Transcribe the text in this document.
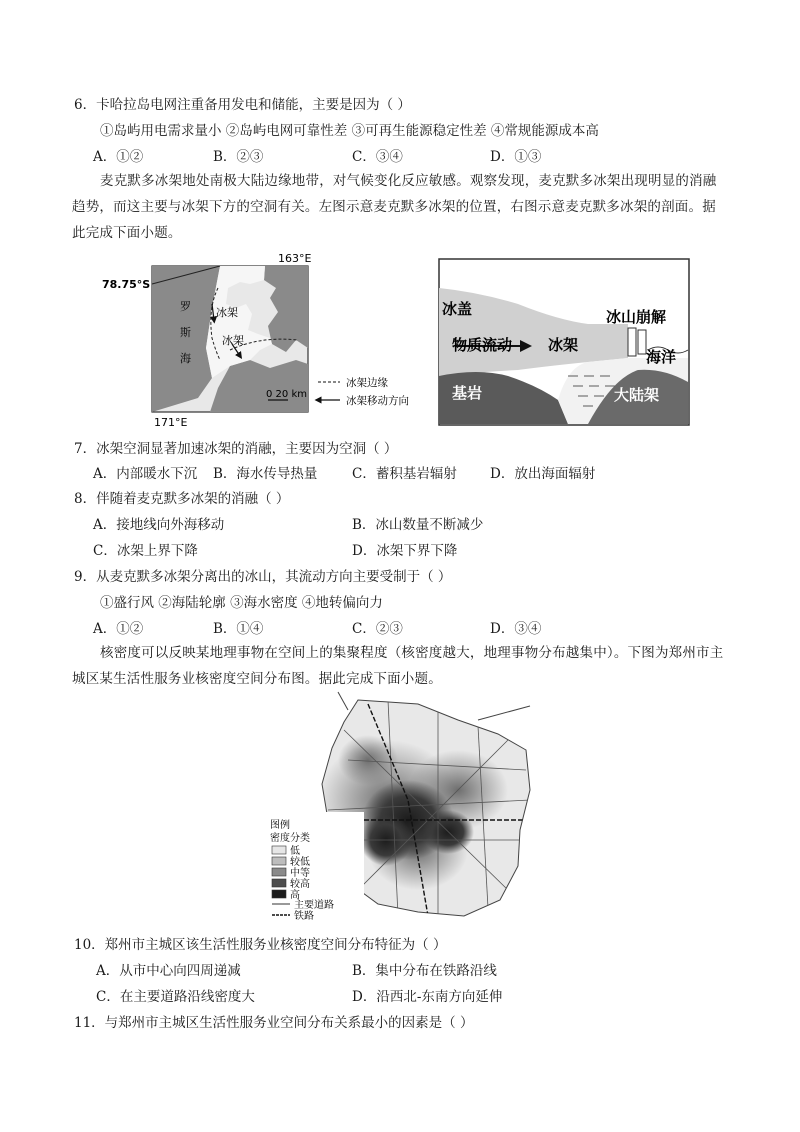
6．卡哈拉岛电网注重备用发电和储能，主要是因为（ ）
①岛屿用电需求量小 ②岛屿电网可靠性差 ③可再生能源稳定性差 ④常规能源成本高
A．①②	B．②③	C．③④	D．①③
麦克默多冰架地处南极大陆边缘地带，对气候变化反应敏感。观察发现，麦克默多冰架出现明显的消融趋势，而这主要与冰架下方的空洞有关。左图示意麦克默多冰架的位置，右图示意麦克默多冰架的剖面。据此完成下面小题。
163°E
78.75°S
171°E
罗
斯
海
冰架
冰架
0 20 km
冰架边缘
冰架移动方向
冰盖
物质流动 冰架
冰山崩解
海洋
基岩	大陆架
7．冰架空洞显著加速冰架的消融，主要因为空洞（ ）
A．内部暖水下沉 B．海水传导热量	C．蓄积基岩辐射 D．放出海面辐射
8．伴随着麦克默多冰架的消融（ ）
A．接地线向外海移动	B．冰山数量不断减少
C．冰架上界下降	D．冰架下界下降
9．从麦克默多冰架分离出的冰山，其流动方向主要受制于（ ）
①盛行风 ②海陆轮廓 ③海水密度 ④地转偏向力
A．①②	B．①④	C．②③	D．③④
核密度可以反映某地理事物在空间上的集聚程度（核密度越大，地理事物分布越集中）。下图为郑州市主城区某生活性服务业核密度空间分布图。据此完成下面小题。
图例
密度分类
低
较低
中等
较高
高
主要道路
铁路
10．郑州市主城区该生活性服务业核密度空间分布特征为（ ）
A．从市中心向四周递减	B．集中分布在铁路沿线
C．在主要道路沿线密度大	D．沿西北-东南方向延伸
11．与郑州市主城区生活性服务业空间分布关系最小的因素是（ ）
